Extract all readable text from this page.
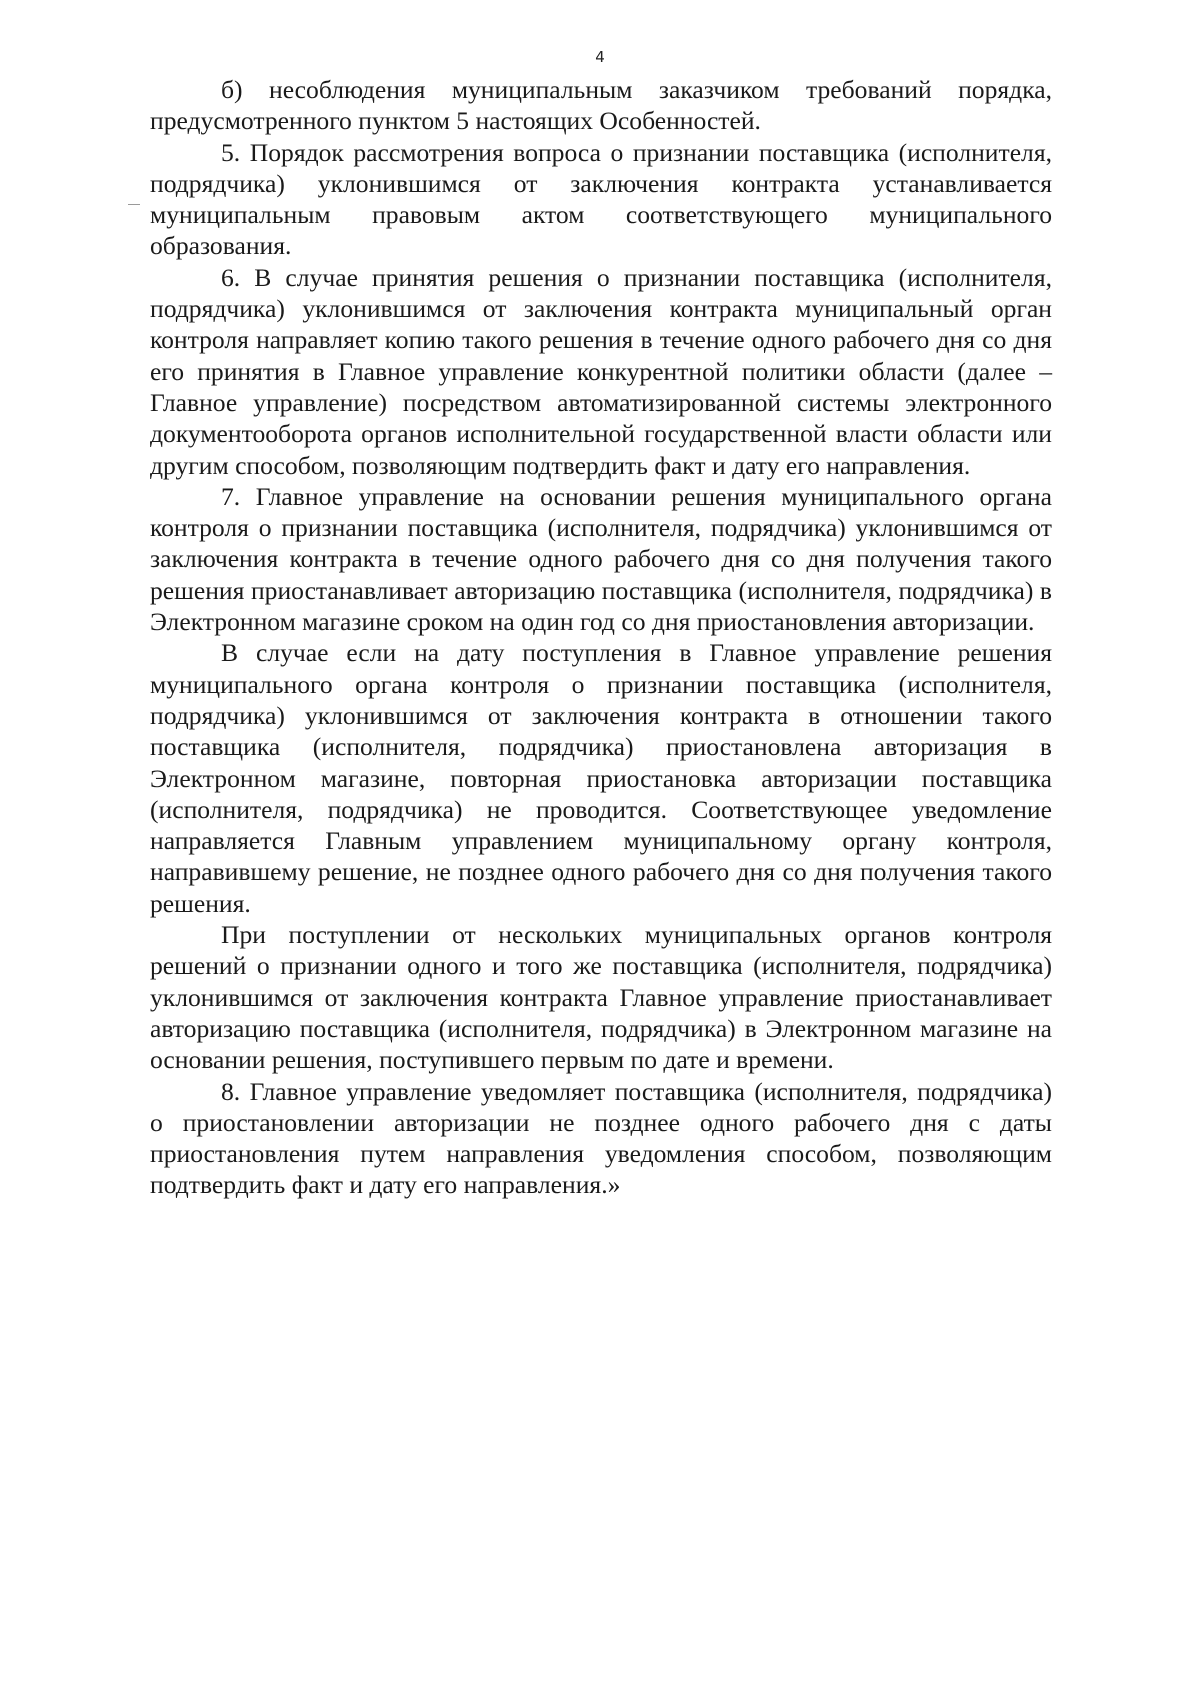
4

б) несоблюдения муниципальным заказчиком требований порядка, предусмотренного пунктом 5 настоящих Особенностей.

5. Порядок рассмотрения вопроса о признании поставщика (исполнителя, подрядчика) уклонившимся от заключения контракта устанавливается муниципальным правовым актом соответствующего муниципального образования.

6. В случае принятия решения о признании поставщика (исполнителя, подрядчика) уклонившимся от заключения контракта муниципальный орган контроля направляет копию такого решения в течение одного рабочего дня со дня его принятия в Главное управление конкурентной политики области (далее – Главное управление) посредством автоматизированной системы электронного документооборота органов исполнительной государственной власти области или другим способом, позволяющим подтвердить факт и дату его направления.

7. Главное управление на основании решения муниципального органа контроля о признании поставщика (исполнителя, подрядчика) уклонившимся от заключения контракта в течение одного рабочего дня со дня получения такого решения приостанавливает авторизацию поставщика (исполнителя, подрядчика) в Электронном магазине сроком на один год со дня приостановления авторизации.

В случае если на дату поступления в Главное управление решения муниципального органа контроля о признании поставщика (исполнителя, подрядчика) уклонившимся от заключения контракта в отношении такого поставщика (исполнителя, подрядчика) приостановлена авторизация в Электронном магазине, повторная приостановка авторизации поставщика (исполнителя, подрядчика) не проводится. Соответствующее уведомление направляется Главным управлением муниципальному органу контроля, направившему решение, не позднее одного рабочего дня со дня получения такого решения.

При поступлении от нескольких муниципальных органов контроля решений о признании одного и того же поставщика (исполнителя, подрядчика) уклонившимся от заключения контракта Главное управление приостанавливает авторизацию поставщика (исполнителя, подрядчика) в Электронном магазине на основании решения, поступившего первым по дате и времени.

8. Главное управление уведомляет поставщика (исполнителя, подрядчика) о приостановлении авторизации не позднее одного рабочего дня с даты приостановления путем направления уведомления способом, позволяющим подтвердить факт и дату его направления.»
